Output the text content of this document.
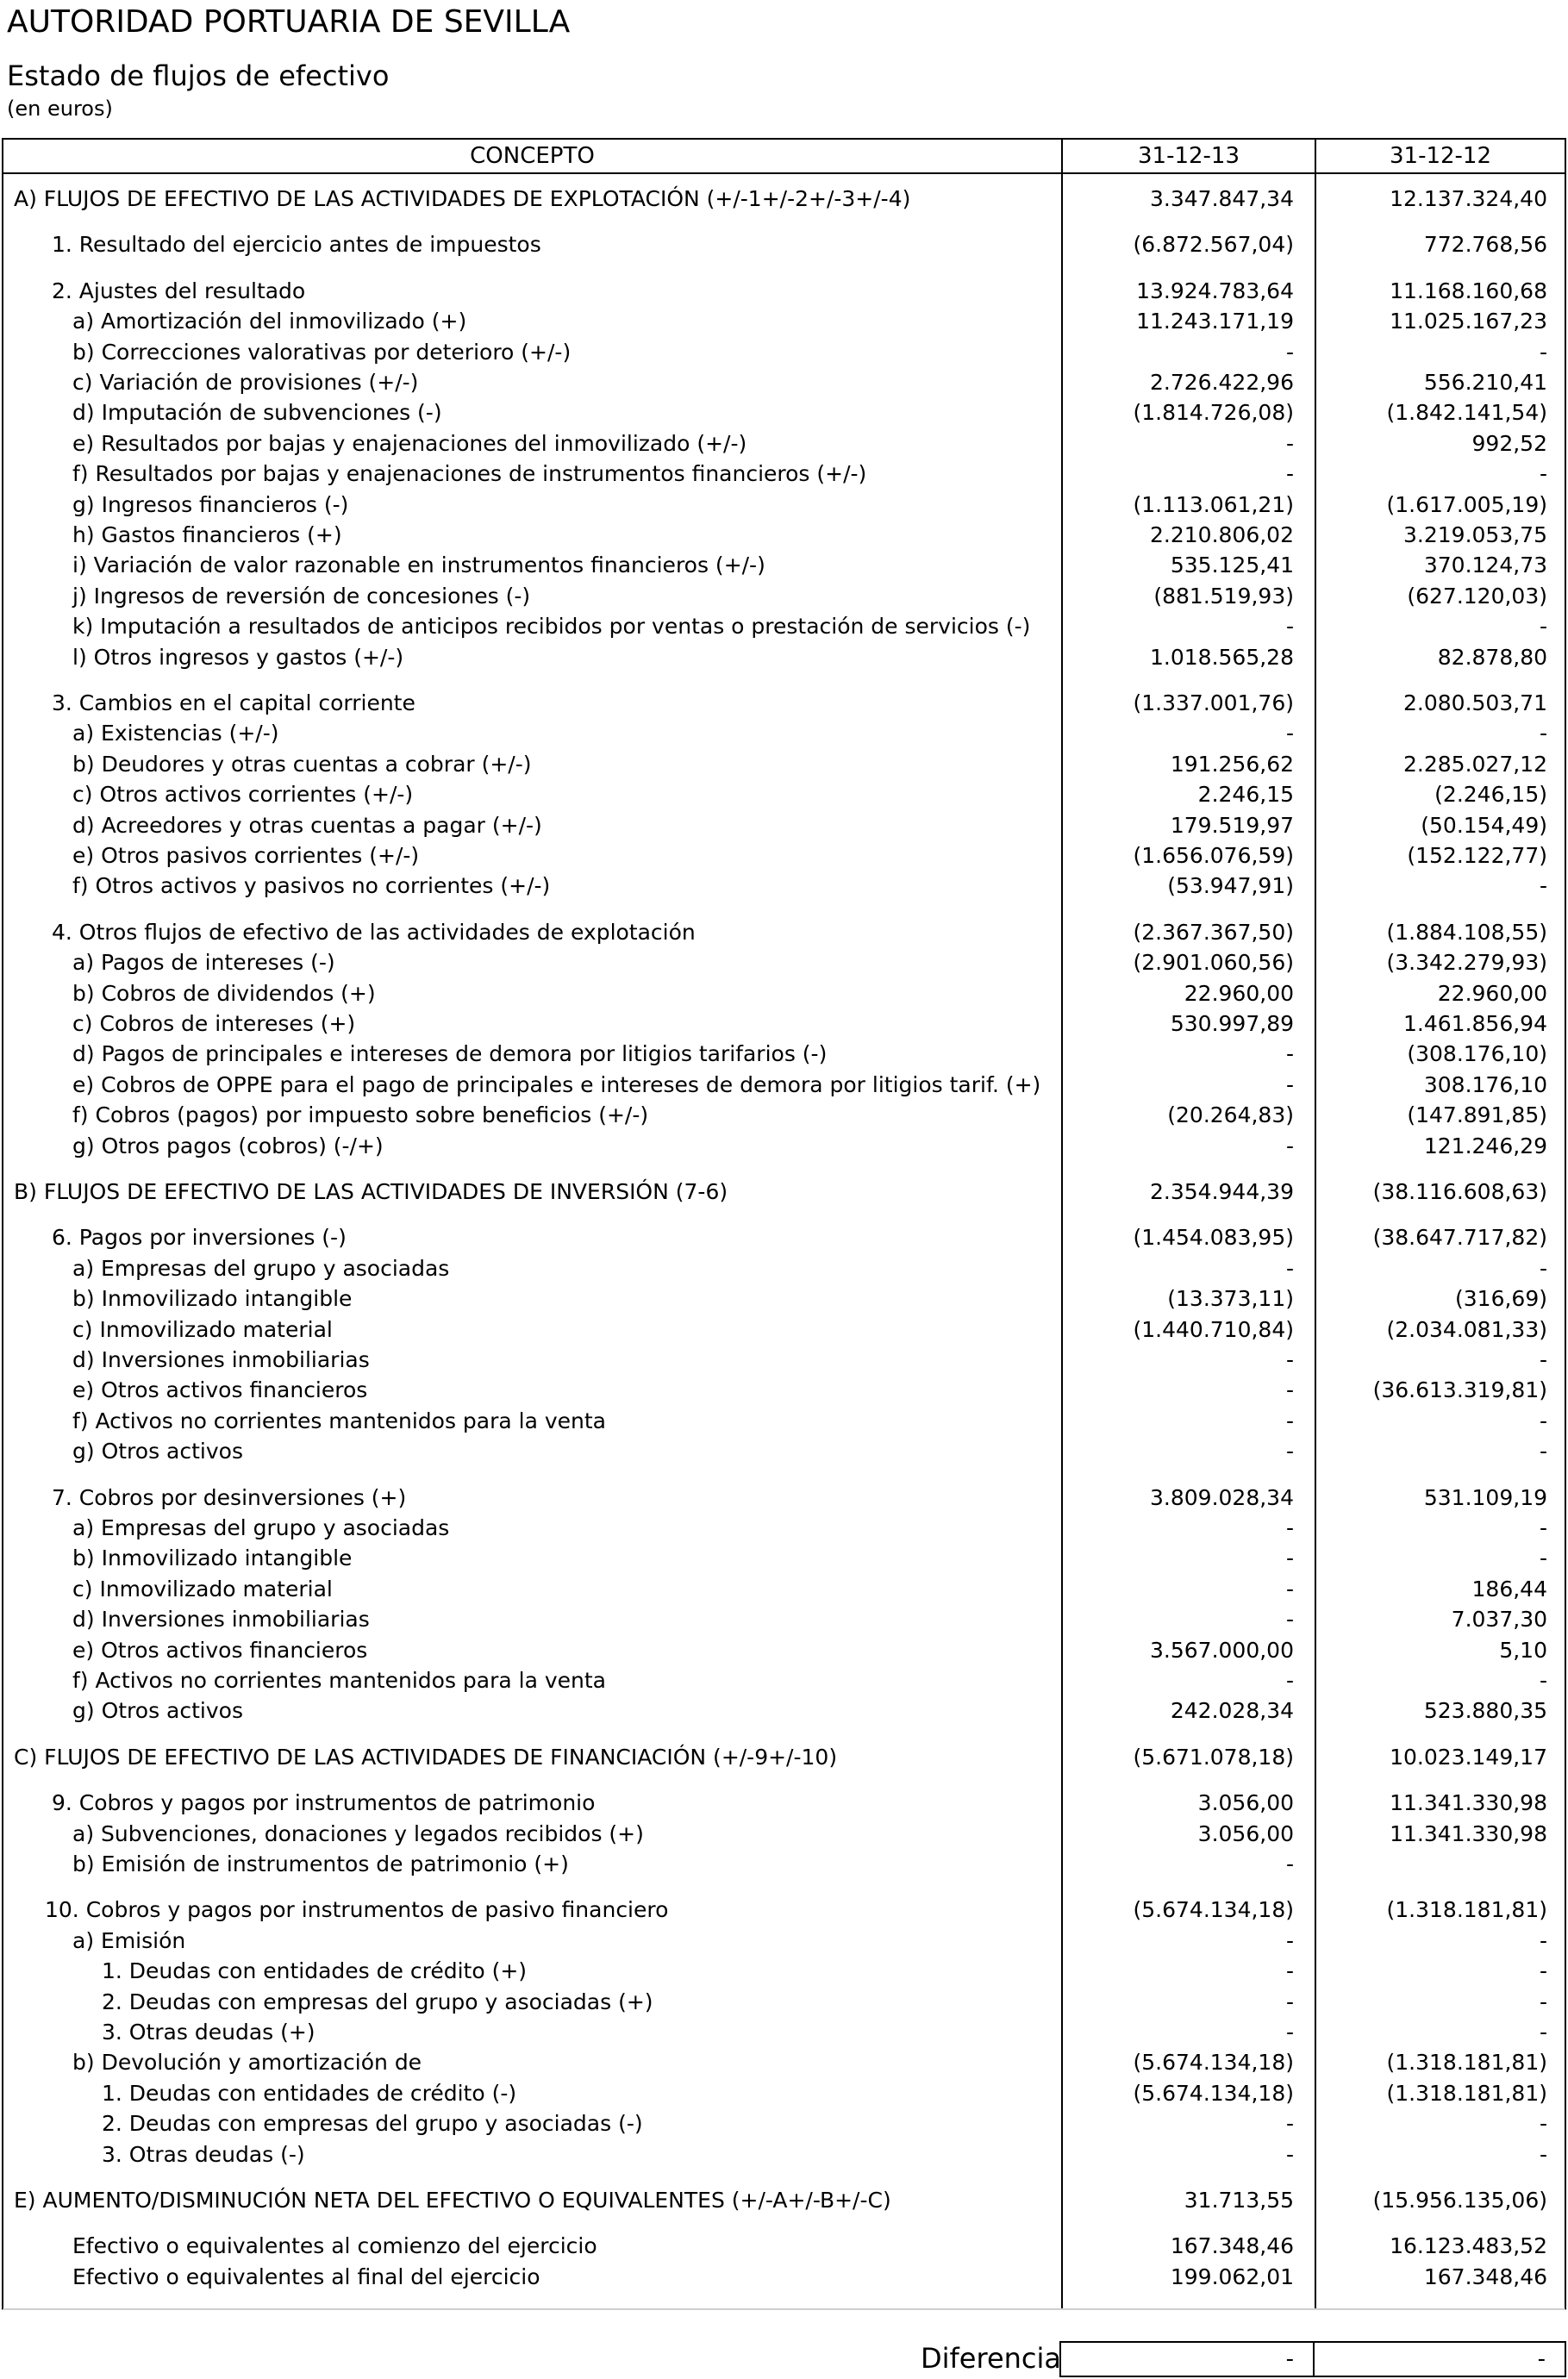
AUTORIDAD PORTUARIA DE SEVILLA
Estado de flujos de efectivo
(en euros)
CONCEPTO	31-12-13	31-12-12
A) FLUJOS DE EFECTIVO DE LAS ACTIVIDADES DE EXPLOTACIÓN (+/-1+/-2+/-3+/-4)	3.347.847,34	12.137.324,40
1. Resultado del ejercicio antes de impuestos	(6.872.567,04)	772.768,56
2. Ajustes del resultado	13.924.783,64	11.168.160,68
a) Amortización del inmovilizado (+)	11.243.171,19	11.025.167,23
b) Correcciones valorativas por deterioro (+/-)	-	-
c) Variación de provisiones (+/-)	2.726.422,96	556.210,41
d) Imputación de subvenciones (-)	(1.814.726,08)	(1.842.141,54)
e) Resultados por bajas y enajenaciones del inmovilizado (+/-)	-	992,52
f) Resultados por bajas y enajenaciones de instrumentos financieros (+/-)	-	-
g) Ingresos financieros (-)	(1.113.061,21)	(1.617.005,19)
h) Gastos financieros (+)	2.210.806,02	3.219.053,75
i) Variación de valor razonable en instrumentos financieros (+/-)	535.125,41	370.124,73
j) Ingresos de reversión de concesiones (-)	(881.519,93)	(627.120,03)
k) Imputación a resultados de anticipos recibidos por ventas o prestación de servicios (-)	-	-
l) Otros ingresos y gastos (+/-)	1.018.565,28	82.878,80
3. Cambios en el capital corriente	(1.337.001,76)	2.080.503,71
a) Existencias (+/-)	-	-
b) Deudores y otras cuentas a cobrar (+/-)	191.256,62	2.285.027,12
c) Otros activos corrientes (+/-)	2.246,15	(2.246,15)
d) Acreedores y otras cuentas a pagar (+/-)	179.519,97	(50.154,49)
e) Otros pasivos corrientes (+/-)	(1.656.076,59)	(152.122,77)
f) Otros activos y pasivos no corrientes (+/-)	(53.947,91)	-
4. Otros flujos de efectivo de las actividades de explotación	(2.367.367,50)	(1.884.108,55)
a) Pagos de intereses (-)	(2.901.060,56)	(3.342.279,93)
b) Cobros de dividendos (+)	22.960,00	22.960,00
c) Cobros de intereses (+)	530.997,89	1.461.856,94
d) Pagos de principales e intereses de demora por litigios tarifarios (-)	-	(308.176,10)
e) Cobros de OPPE para el pago de principales e intereses de demora por litigios tarif. (+)	-	308.176,10
f) Cobros (pagos) por impuesto sobre beneficios (+/-)	(20.264,83)	(147.891,85)
g) Otros pagos (cobros) (-/+)	-	121.246,29
B) FLUJOS DE EFECTIVO DE LAS ACTIVIDADES DE INVERSIÓN (7-6)	2.354.944,39	(38.116.608,63)
6. Pagos por inversiones (-)	(1.454.083,95)	(38.647.717,82)
a) Empresas del grupo y asociadas	-	-
b) Inmovilizado intangible	(13.373,11)	(316,69)
c) Inmovilizado material	(1.440.710,84)	(2.034.081,33)
d) Inversiones inmobiliarias	-	-
e) Otros activos financieros	-	(36.613.319,81)
f) Activos no corrientes mantenidos para la venta	-	-
g) Otros activos	-	-
7. Cobros por desinversiones (+)	3.809.028,34	531.109,19
a) Empresas del grupo y asociadas	-	-
b) Inmovilizado intangible	-	-
c) Inmovilizado material	-	186,44
d) Inversiones inmobiliarias	-	7.037,30
e) Otros activos financieros	3.567.000,00	5,10
f) Activos no corrientes mantenidos para la venta	-	-
g) Otros activos	242.028,34	523.880,35
C) FLUJOS DE EFECTIVO DE LAS ACTIVIDADES DE FINANCIACIÓN (+/-9+/-10)	(5.671.078,18)	10.023.149,17
9. Cobros y pagos por instrumentos de patrimonio	3.056,00	11.341.330,98
a) Subvenciones, donaciones y legados recibidos (+)	3.056,00	11.341.330,98
b) Emisión de instrumentos de patrimonio (+)	-
10. Cobros y pagos por instrumentos de pasivo financiero	(5.674.134,18)	(1.318.181,81)
a) Emisión	-	-
1. Deudas con entidades de crédito (+)	-	-
2. Deudas con empresas del grupo y asociadas (+)	-	-
3. Otras deudas (+)	-	-
b) Devolución y amortización de	(5.674.134,18)	(1.318.181,81)
1. Deudas con entidades de crédito (-)	(5.674.134,18)	(1.318.181,81)
2. Deudas con empresas del grupo y asociadas (-)	-	-
3. Otras deudas (-)	-	-
E) AUMENTO/DISMINUCIÓN NETA DEL EFECTIVO O EQUIVALENTES (+/-A+/-B+/-C)	31.713,55	(15.956.135,06)
Efectivo o equivalentes al comienzo del ejercicio	167.348,46	16.123.483,52
Efectivo o equivalentes al final del ejercicio	199.062,01	167.348,46
Diferencia	-	-
